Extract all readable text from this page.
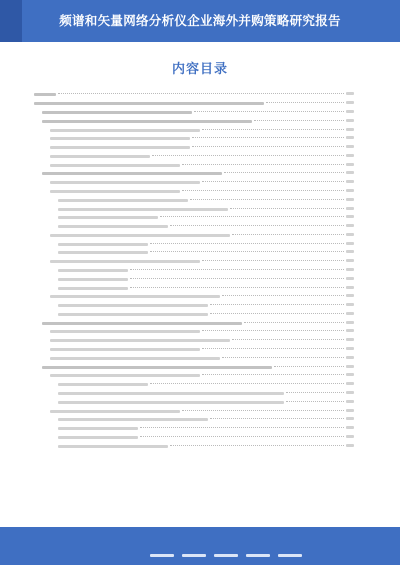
频谱和矢量网络分析仪企业海外并购策略研究报告
内容目录
